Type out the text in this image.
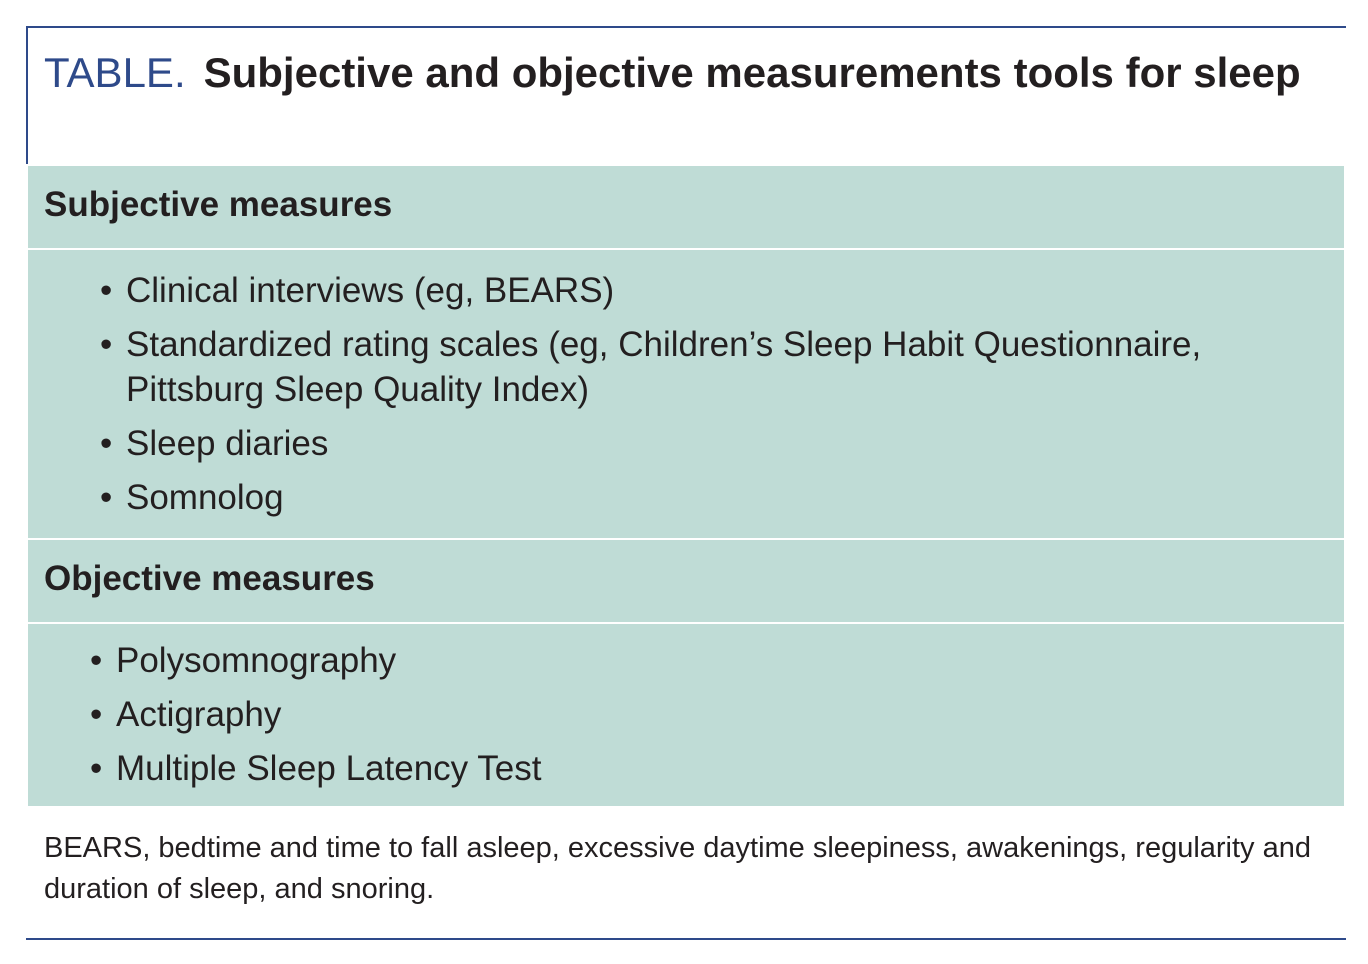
TABLE. Subjective and objective measurements tools for sleep
Subjective measures
• Clinical interviews (eg, BEARS)
• Standardized rating scales (eg, Children’s Sleep Habit Questionnaire, Pittsburg Sleep Quality Index)
• Sleep diaries
• Somnolog
Objective measures
• Polysomnography
• Actigraphy
• Multiple Sleep Latency Test

BEARS, bedtime and time to fall asleep, excessive daytime sleepiness, awakenings, regularity and duration of sleep, and snoring.
